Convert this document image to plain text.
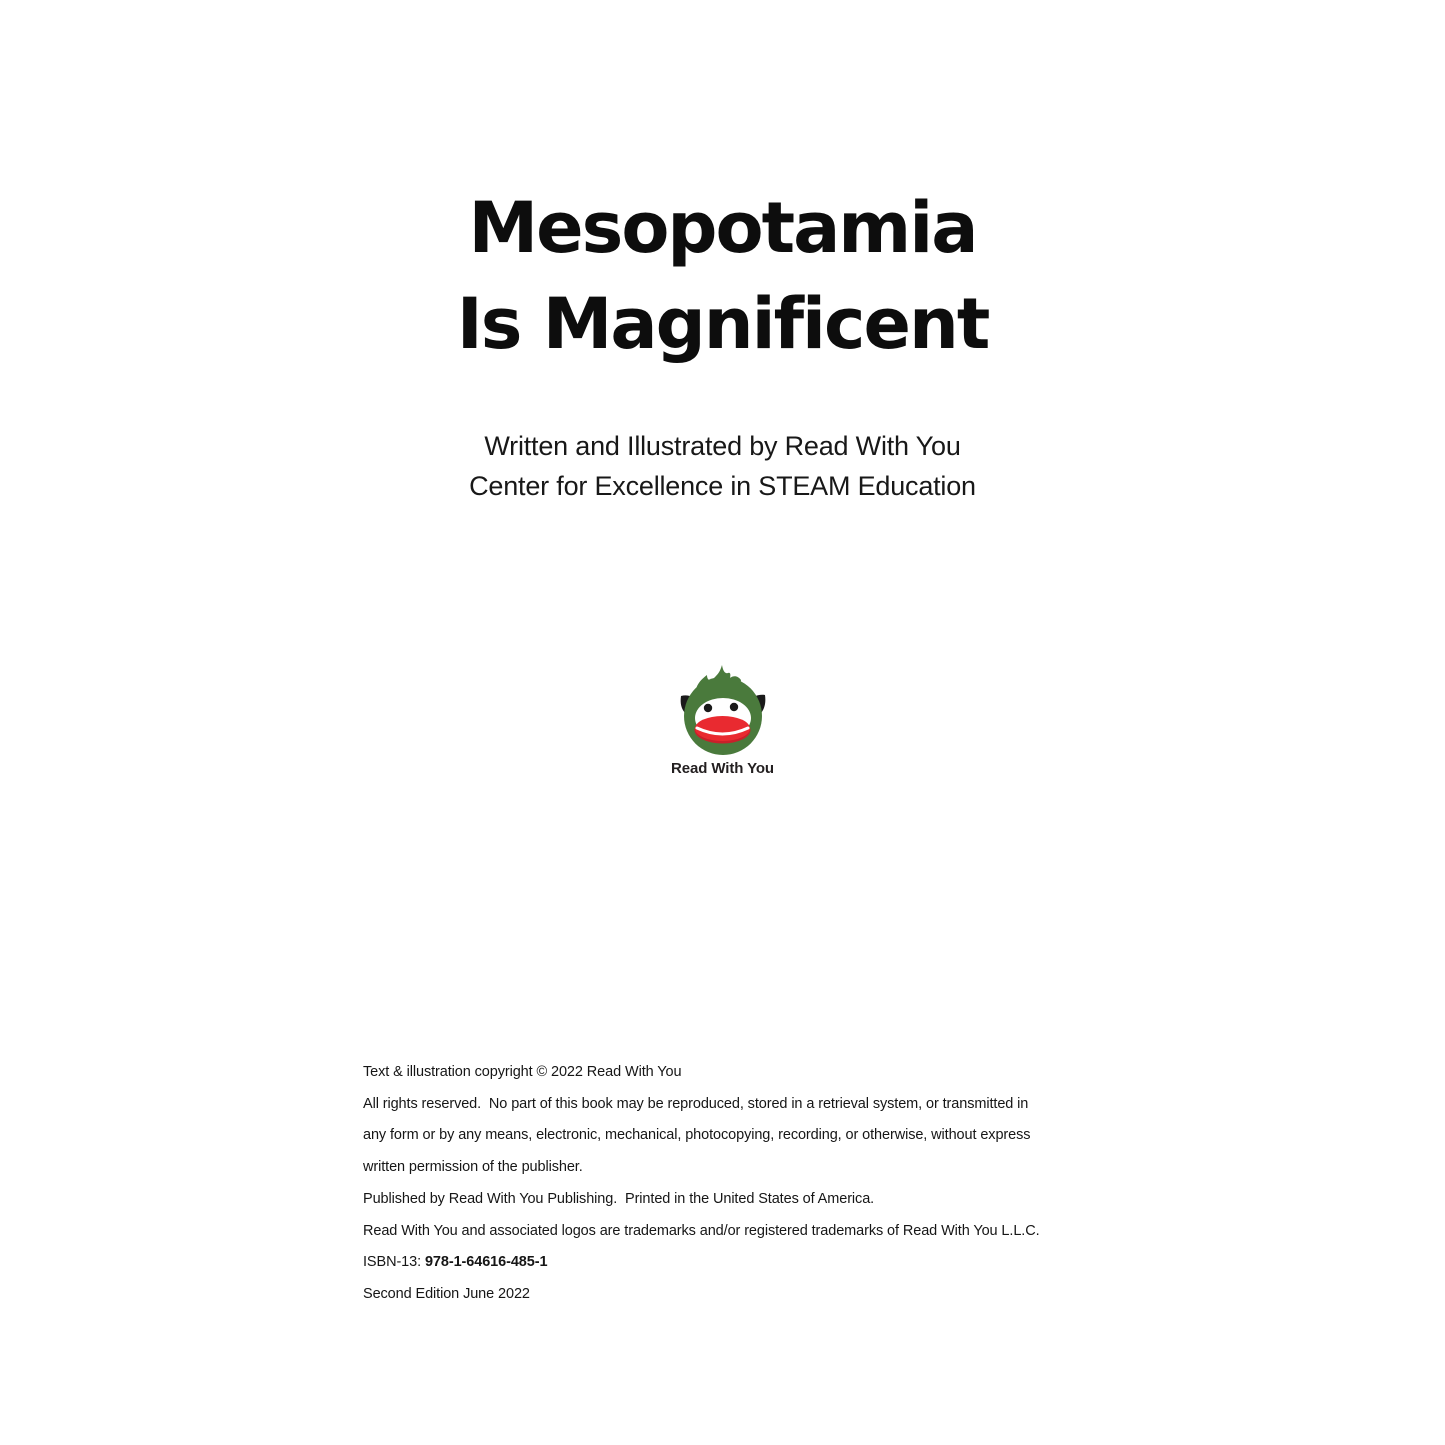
Mesopotamia
Is Magnificent
Written and Illustrated by Read With You
Center for Excellence in STEAM Education
Read With You
Text & illustration copyright © 2022 Read With You
All rights reserved.  No part of this book may be reproduced, stored in a retrieval system, or transmitted in
any form or by any means, electronic, mechanical, photocopying, recording, or otherwise, without express
written permission of the publisher.
Published by Read With You Publishing.  Printed in the United States of America.
Read With You and associated logos are trademarks and/or registered trademarks of Read With You L.L.C.
ISBN-13: 978-1-64616-485-1
Second Edition June 2022
